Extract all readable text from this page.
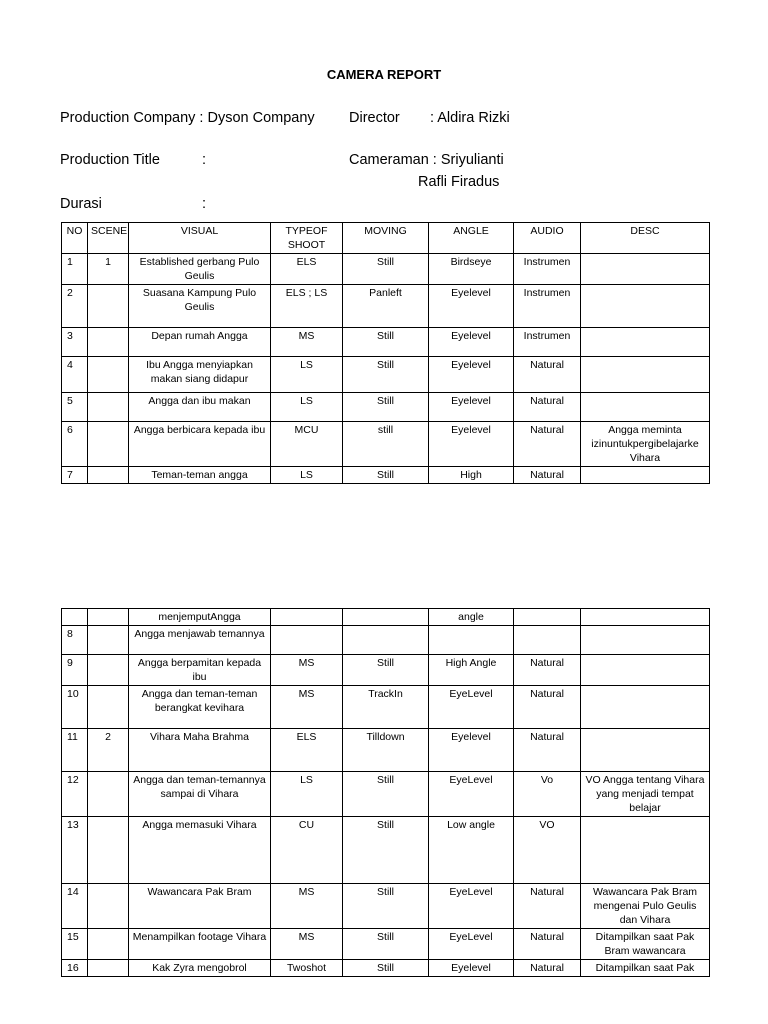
CAMERA REPORT
Production Company : Dyson Company Director : Aldira Rizki
Production Title	:	Cameraman : Sriyulianti
Rafli Firadus
Durasi	:
NO	SCENE	VISUAL	TYPEOF SHOOT	MOVING	ANGLE	AUDIO	DESC
1	1	Established gerbang Pulo Geulis	ELS	Still	Birdseye	Instrumen	
2		Suasana Kampung Pulo Geulis	ELS ; LS	Panleft	Eyelevel	Instrumen	
3		Depan rumah Angga	MS	Still	Eyelevel	Instrumen	
4		Ibu Angga menyiapkan makan siang didapur	LS	Still	Eyelevel	Natural	
5		Angga dan ibu makan	LS	Still	Eyelevel	Natural	
6		Angga berbicara kepada ibu	MCU	still	Eyelevel	Natural	Angga meminta izinuntukpergibelajarke Vihara
7		Teman-teman angga	LS	Still	High	Natural	
		menjemputAngga			angle		
8		Angga menjawab temannya					
9		Angga berpamitan kepada ibu	MS	Still	High Angle	Natural	
10		Angga dan teman-teman berangkat kevihara	MS	TrackIn	EyeLevel	Natural	
11	2	Vihara Maha Brahma	ELS	Tilldown	Eyelevel	Natural	
12		Angga dan teman-temannya sampai di Vihara	LS	Still	EyeLevel	Vo	VO Angga tentang Vihara yang menjadi tempat belajar
13		Angga memasuki Vihara	CU	Still	Low angle	VO	
14		Wawancara Pak Bram	MS	Still	EyeLevel	Natural	Wawancara Pak Bram mengenai Pulo Geulis dan Vihara
15		Menampilkan footage Vihara	MS	Still	EyeLevel	Natural	Ditampilkan saat Pak Bram wawancara
16		Kak Zyra mengobrol	Twoshot	Still	Eyelevel	Natural	Ditampilkan saat Pak
